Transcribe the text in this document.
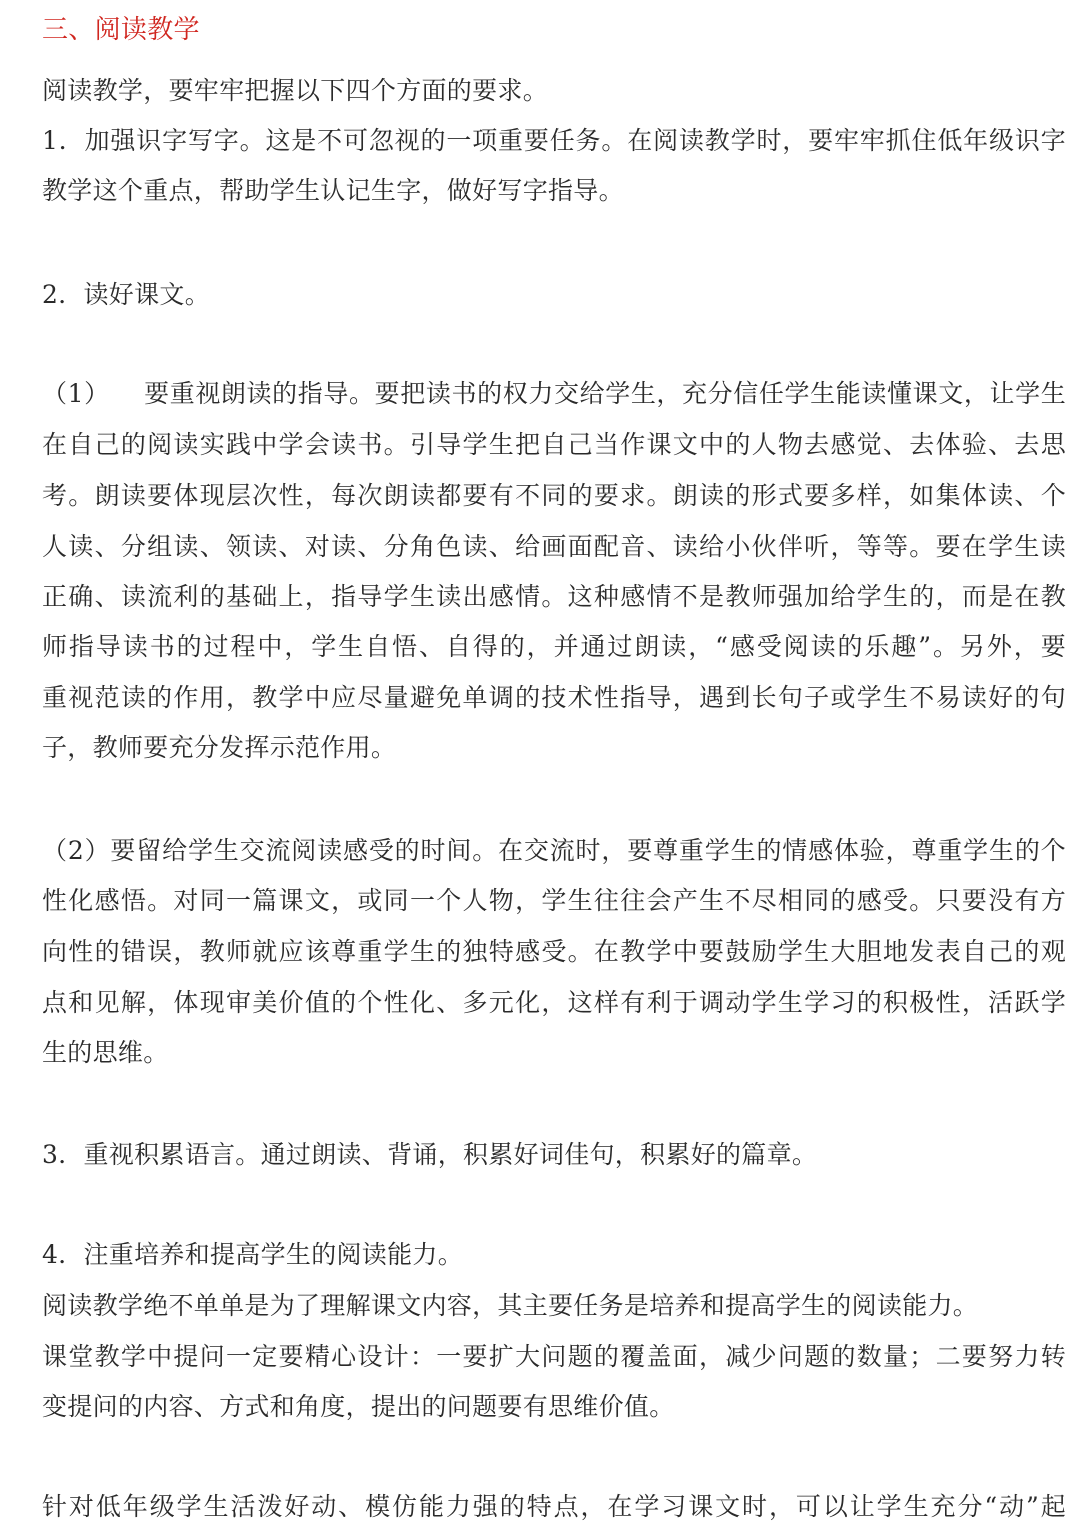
三、阅读教学
阅读教学，要牢牢把握以下四个方面的要求。
1．加强识字写字。这是不可忽视的一项重要任务。在阅读教学时，要牢牢抓住低年级识字
教学这个重点，帮助学生认记生字，做好写字指导。
2．读好课文。
（1） 要重视朗读的指导。要把读书的权力交给学生，充分信任学生能读懂课文，让学生
在自己的阅读实践中学会读书。引导学生把自己当作课文中的人物去感觉、去体验、去思
考。朗读要体现层次性，每次朗读都要有不同的要求。朗读的形式要多样，如集体读、个
人读、分组读、领读、对读、分角色读、给画面配音、读给小伙伴听，等等。要在学生读
正确、读流利的基础上，指导学生读出感情。这种感情不是教师强加给学生的，而是在教
师指导读书的过程中，学生自悟、自得的，并通过朗读，“感受阅读的乐趣”。另外，要
重视范读的作用，教学中应尽量避免单调的技术性指导，遇到长句子或学生不易读好的句
子，教师要充分发挥示范作用。
（2）要留给学生交流阅读感受的时间。在交流时，要尊重学生的情感体验，尊重学生的个
性化感悟。对同一篇课文，或同一个人物，学生往往会产生不尽相同的感受。只要没有方
向性的错误，教师就应该尊重学生的独特感受。在教学中要鼓励学生大胆地发表自己的观
点和见解，体现审美价值的个性化、多元化，这样有利于调动学生学习的积极性，活跃学
生的思维。
3．重视积累语言。通过朗读、背诵，积累好词佳句，积累好的篇章。
4．注重培养和提高学生的阅读能力。
阅读教学绝不单单是为了理解课文内容，其主要任务是培养和提高学生的阅读能力。
课堂教学中提问一定要精心设计：一要扩大问题的覆盖面，减少问题的数量；二要努力转
变提问的内容、方式和角度，提出的问题要有思维价值。
针对低年级学生活泼好动、模仿能力强的特点，在学习课文时，可以让学生充分“动”起
